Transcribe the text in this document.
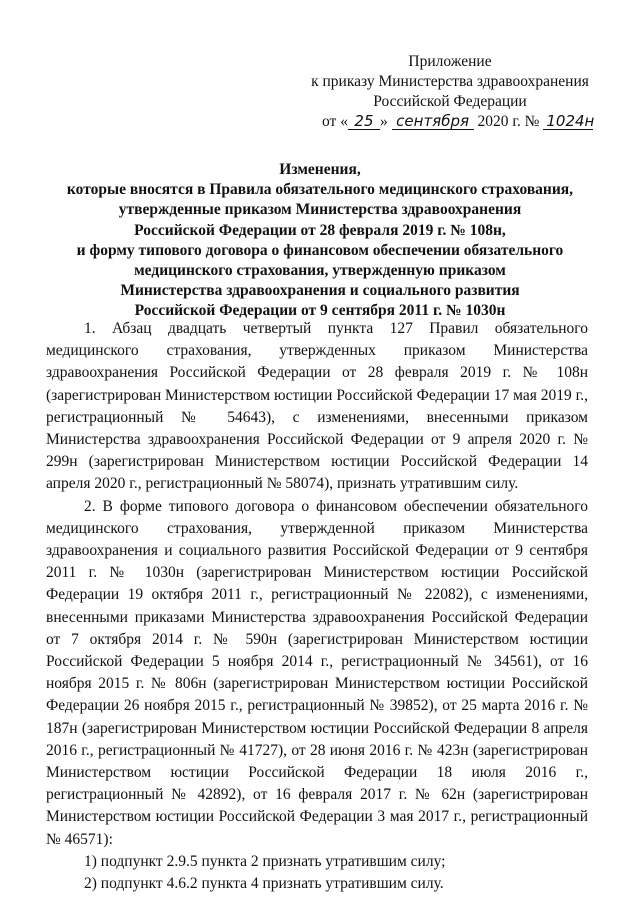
Приложение
к приказу Министерства здравоохранения
Российской Федерации
от « 25 » сентября 2020 г. № 1024н
Изменения,
которые вносятся в Правила обязательного медицинского страхования,
утвержденные приказом Министерства здравоохранения
Российской Федерации от 28 февраля 2019 г. № 108н,
и форму типового договора о финансовом обеспечении обязательного
медицинского страхования, утвержденную приказом
Министерства здравоохранения и социального развития
Российской Федерации от 9 сентября 2011 г. № 1030н

1. Абзац двадцать четвертый пункта 127 Правил обязательного медицинского страхования, утвержденных приказом Министерства здравоохранения Российской Федерации от 28 февраля 2019 г. № 108н (зарегистрирован Министерством юстиции Российской Федерации 17 мая 2019 г., регистрационный № 54643), с изменениями, внесенными приказом Министерства здравоохранения Российской Федерации от 9 апреля 2020 г. № 299н (зарегистрирован Министерством юстиции Российской Федерации 14 апреля 2020 г., регистрационный № 58074), признать утратившим силу.

2. В форме типового договора о финансовом обеспечении обязательного медицинского страхования, утвержденной приказом Министерства здравоохранения и социального развития Российской Федерации от 9 сентября 2011 г. № 1030н (зарегистрирован Министерством юстиции Российской Федерации 19 октября 2011 г., регистрационный № 22082), с изменениями, внесенными приказами Министерства здравоохранения Российской Федерации от 7 октября 2014 г. № 590н (зарегистрирован Министерством юстиции Российской Федерации 5 ноября 2014 г., регистрационный № 34561), от 16 ноября 2015 г. № 806н (зарегистрирован Министерством юстиции Российской Федерации 26 ноября 2015 г., регистрационный № 39852), от 25 марта 2016 г. № 187н (зарегистрирован Министерством юстиции Российской Федерации 8 апреля 2016 г., регистрационный № 41727), от 28 июня 2016 г. № 423н (зарегистрирован Министерством юстиции Российской Федерации 18 июля 2016 г., регистрационный № 42892), от 16 февраля 2017 г. № 62н (зарегистрирован Министерством юстиции Российской Федерации 3 мая 2017 г., регистрационный № 46571):

1) подпункт 2.9.5 пункта 2 признать утратившим силу;

2) подпункт 4.6.2 пункта 4 признать утратившим силу.
